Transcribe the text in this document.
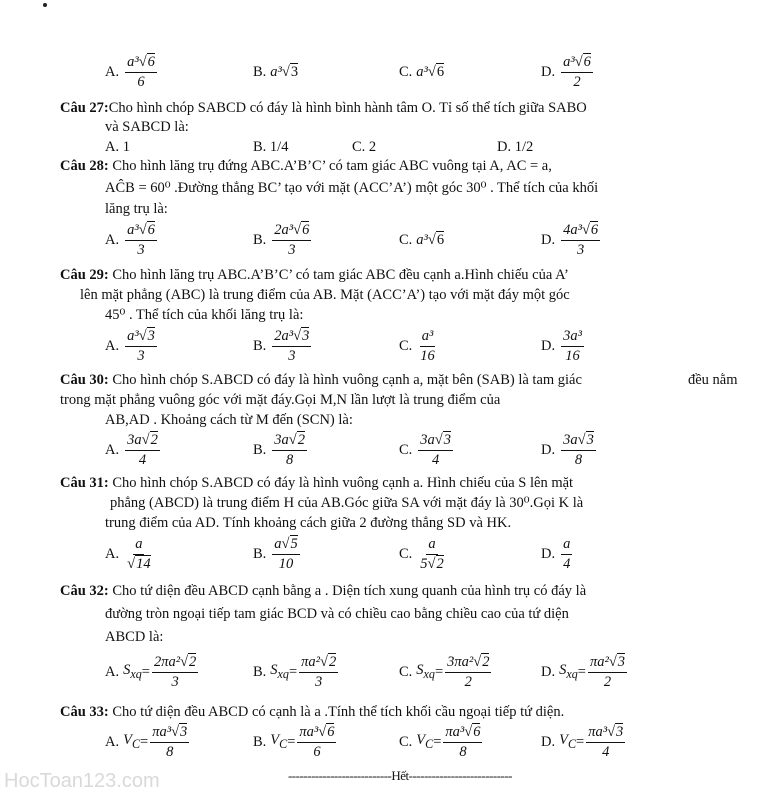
A. $\frac{\text{a³√6}}{6}$	B. a³ √ 3	C. a³ √ 6	D. $\frac{\text{a³√6}}{2}$
Câu 27:Cho hình chóp SABCD có đáy là hình bình hành tâm O. Tỉ số thể tích giữa SABO
và SABCD là:
A. 1	B. 1/4	C. 2	D. 1/2
Câu 28: Cho hình lăng trụ đứng ABC.A’B’C’ có tam giác ABC vuông tại A, AC = a,
AĈB = 60⁰ .Đường thẳng BC’ tạo với mặt (ACC’A’) một góc 30⁰ . Thể tích của khối
lăng trụ là:
A. $\frac{\text{a³√6}}{3}$	B. $\frac{\text{2a³√6}}{3}$	C. a³ √ 6	D. $\frac{\text{4a³√6}}{3}$
Câu 29: Cho hình lăng trụ ABC.A’B’C’ có tam giác ABC đều cạnh a.Hình chiếu của A’
lên mặt phẳng (ABC) là trung điểm của AB. Mặt (ACC’A’) tạo với mặt đáy một góc
45⁰ . Thể tích của khối lăng trụ là:
A. $\frac{\text{a³√3}}{3}$	B. $\frac{\text{2a³√3}}{3}$	C. $\frac{\text{a³}}{16}$	D. $\frac{\text{3a³}}{16}$
Câu 30: Cho hình chóp S.ABCD có đáy là hình vuông cạnh a, mặt bên (SAB) là tam giác	đều nằm
trong mặt phẳng vuông góc với mặt đáy.Gọi M,N lần lượt là trung điểm của
AB,AD . Khoảng cách từ M đến (SCN) là:
A. $\frac{3a√2}{4}$	B. $\frac{3a√2}{8}$	C. $\frac{3a√3}{4}$	D. $\frac{3a√3}{8}$
Câu 31: Cho hình chóp S.ABCD có đáy là hình vuông cạnh a. Hình chiếu của S lên mặt
phẳng (ABCD) là trung điểm H của AB.Góc giữa SA với mặt đáy là 30⁰.Gọi K là
trung điểm của AD. Tính khoảng cách giữa 2 đường thẳng SD và HK.
A. $\frac{a}{√14}$	B. $\frac{a√5}{10}$	C. $\frac{a}{5√2}$	D. $\frac{a}{4}$
Câu 32: Cho tứ diện đều ABCD cạnh bằng a . Diện tích xung quanh của hình trụ có đáy là
đường tròn ngoại tiếp tam giác BCD và có chiều cao bằng chiều cao của tứ diện
ABCD là:
A. $S_{xq} = \frac{\text{2πa²√2}}{3}$	B. $S_{xq} = \frac{\text{πa²√2}}{3}$	C. $S_{xq} = \frac{\text{3πa²√2}}{2}$	D. $S_{xq} = \frac{\text{πa²√3}}{2}$
Câu 33: Cho tứ diện đều ABCD có cạnh là a .Tính thể tích khối cầu ngoại tiếp tứ diện.
A. $V_C = \frac{\text{πa³√3}}{8}$	B. $V_C = \frac{\text{πa³√6}}{6}$	C. $V_C = \frac{\text{πa³√6}}{8}$	D. $V_C = \frac{\text{πa³√3}}{4}$
---------------------------Hết---------------------------
HocToan123.com
